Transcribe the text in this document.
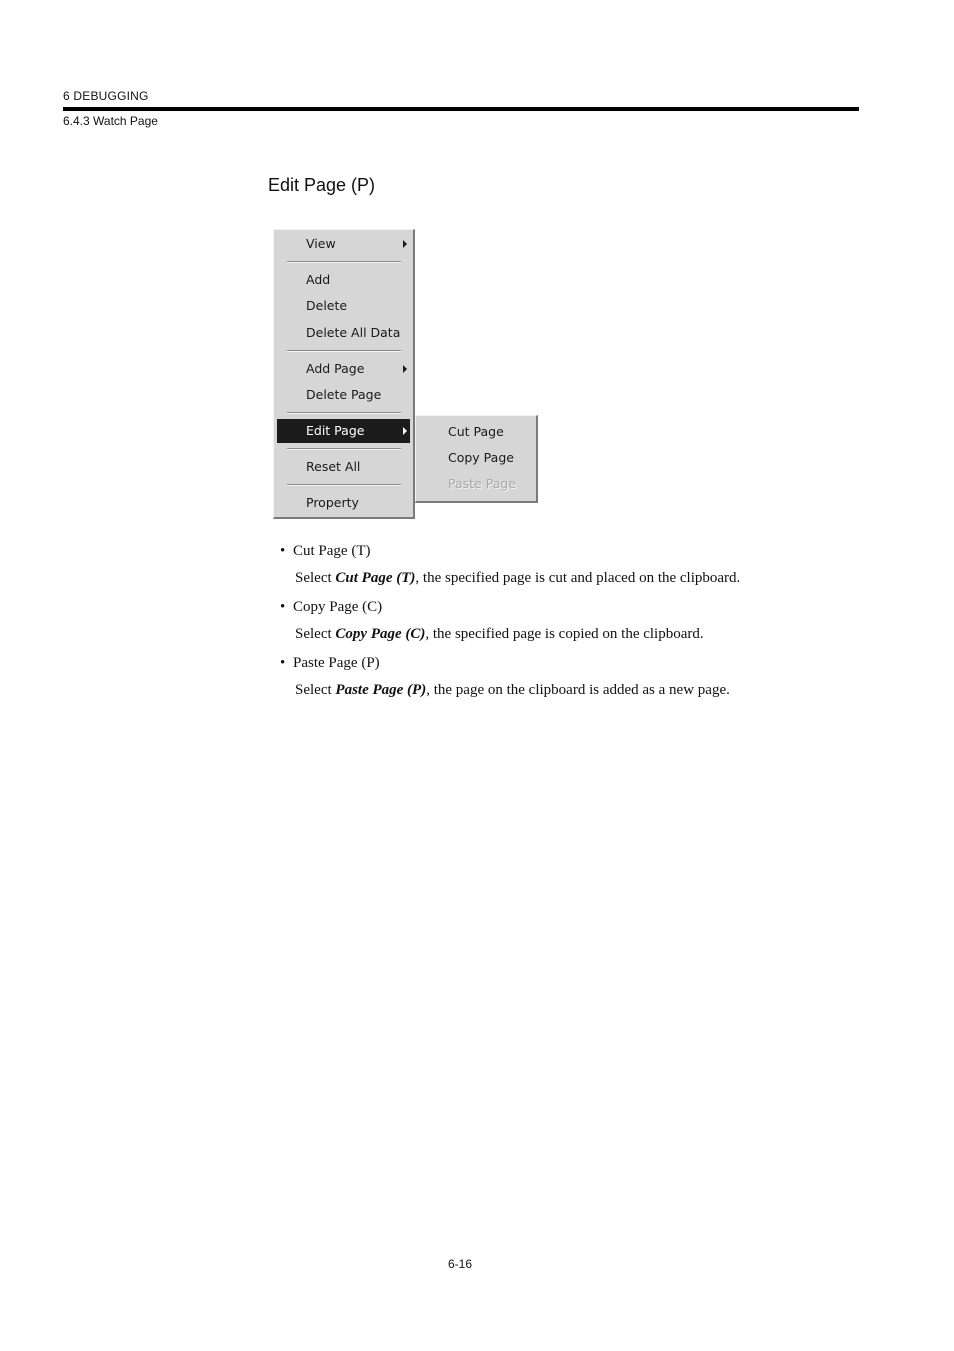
6 DEBUGGING
6.4.3 Watch Page
Edit Page (P)
View
Add
Delete
Delete All Data
Add Page
Delete Page
Edit Page
Reset All
Property
Cut Page
Copy Page
Paste Page
• Cut Page (T)
Select Cut Page (T), the specified page is cut and placed on the clipboard.
• Copy Page (C)
Select Copy Page (C), the specified page is copied on the clipboard.
• Paste Page (P)
Select Paste Page (P), the page on the clipboard is added as a new page.
6-16
